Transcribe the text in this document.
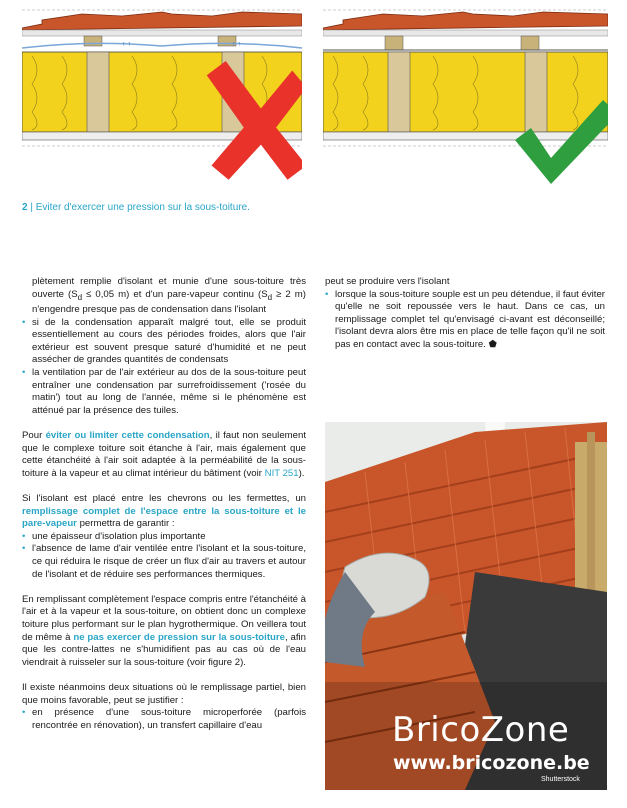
↑ ↑	↑ ↑
2 | Eviter d'exercer une pression sur la sous-toiture.
plètement remplie d'isolant et munie d'une sous-toiture très ouverte ($S_d \le 0,05$ m) et d'un pare-vapeur continu ($S_d \ge 2$ m) n'engendre presque pas de condensation dans l'isolant

• si de la condensation apparaît malgré tout, elle se produit essentiellement au cours des périodes froides, alors que l'air extérieur est souvent presque saturé d'humidité et ne peut assécher de grandes quantités de condensats

• la ventilation par de l'air extérieur au dos de la sous-toiture peut entraîner une condensation par surrefroidissement ('rosée du matin') tout au long de l'année, même si le phénomène est atténué par la présence des tuiles.

Pour éviter ou limiter cette condensation, il faut non seulement que le complexe toiture soit étanche à l'air, mais également que cette étanchéité à l'air soit adaptée à la perméabilité de la sous-toiture à la vapeur et au climat intérieur du bâtiment (voir NIT 251).

Si l'isolant est placé entre les chevrons ou les fermettes, un remplissage complet de l'espace entre la sous-toiture et le pare-vapeur permettra de garantir :

• une épaisseur d'isolation plus importante

• l'absence de lame d'air ventilée entre l'isolant et la sous-toiture, ce qui réduira le risque de créer un flux d'air au travers et autour de l'isolant et de réduire ses performances thermiques.

En remplissant complètement l'espace compris entre l'étanchéité à l'air et à la vapeur et la sous-toiture, on obtient donc un complexe toiture plus performant sur le plan hygrothermique. On veillera tout de même à ne pas exercer de pression sur la sous-toiture, afin que les contre-lattes ne s'humidifient pas au cas où de l'eau viendrait à ruisseler sur la sous-toiture (voir figure 2).

Il existe néanmoins deux situations où le remplissage partiel, bien que moins favorable, peut se justifier :

• en présence d'une sous-toiture microperforée (parfois rencontrée en rénovation), un transfert capillaire d'eau

peut se produire vers l'isolant

• lorsque la sous-toiture souple est un peu détendue, il faut éviter qu'elle ne soit repoussée vers le haut. Dans ce cas, un remplissage complet tel qu'envisagé ci-avant est déconseillé; l'isolant devra alors être mis en place de telle façon qu'il ne soit pas en contact avec la sous-toiture. ⬟

BricoZone
www.bricozone.be
Shutterstock
